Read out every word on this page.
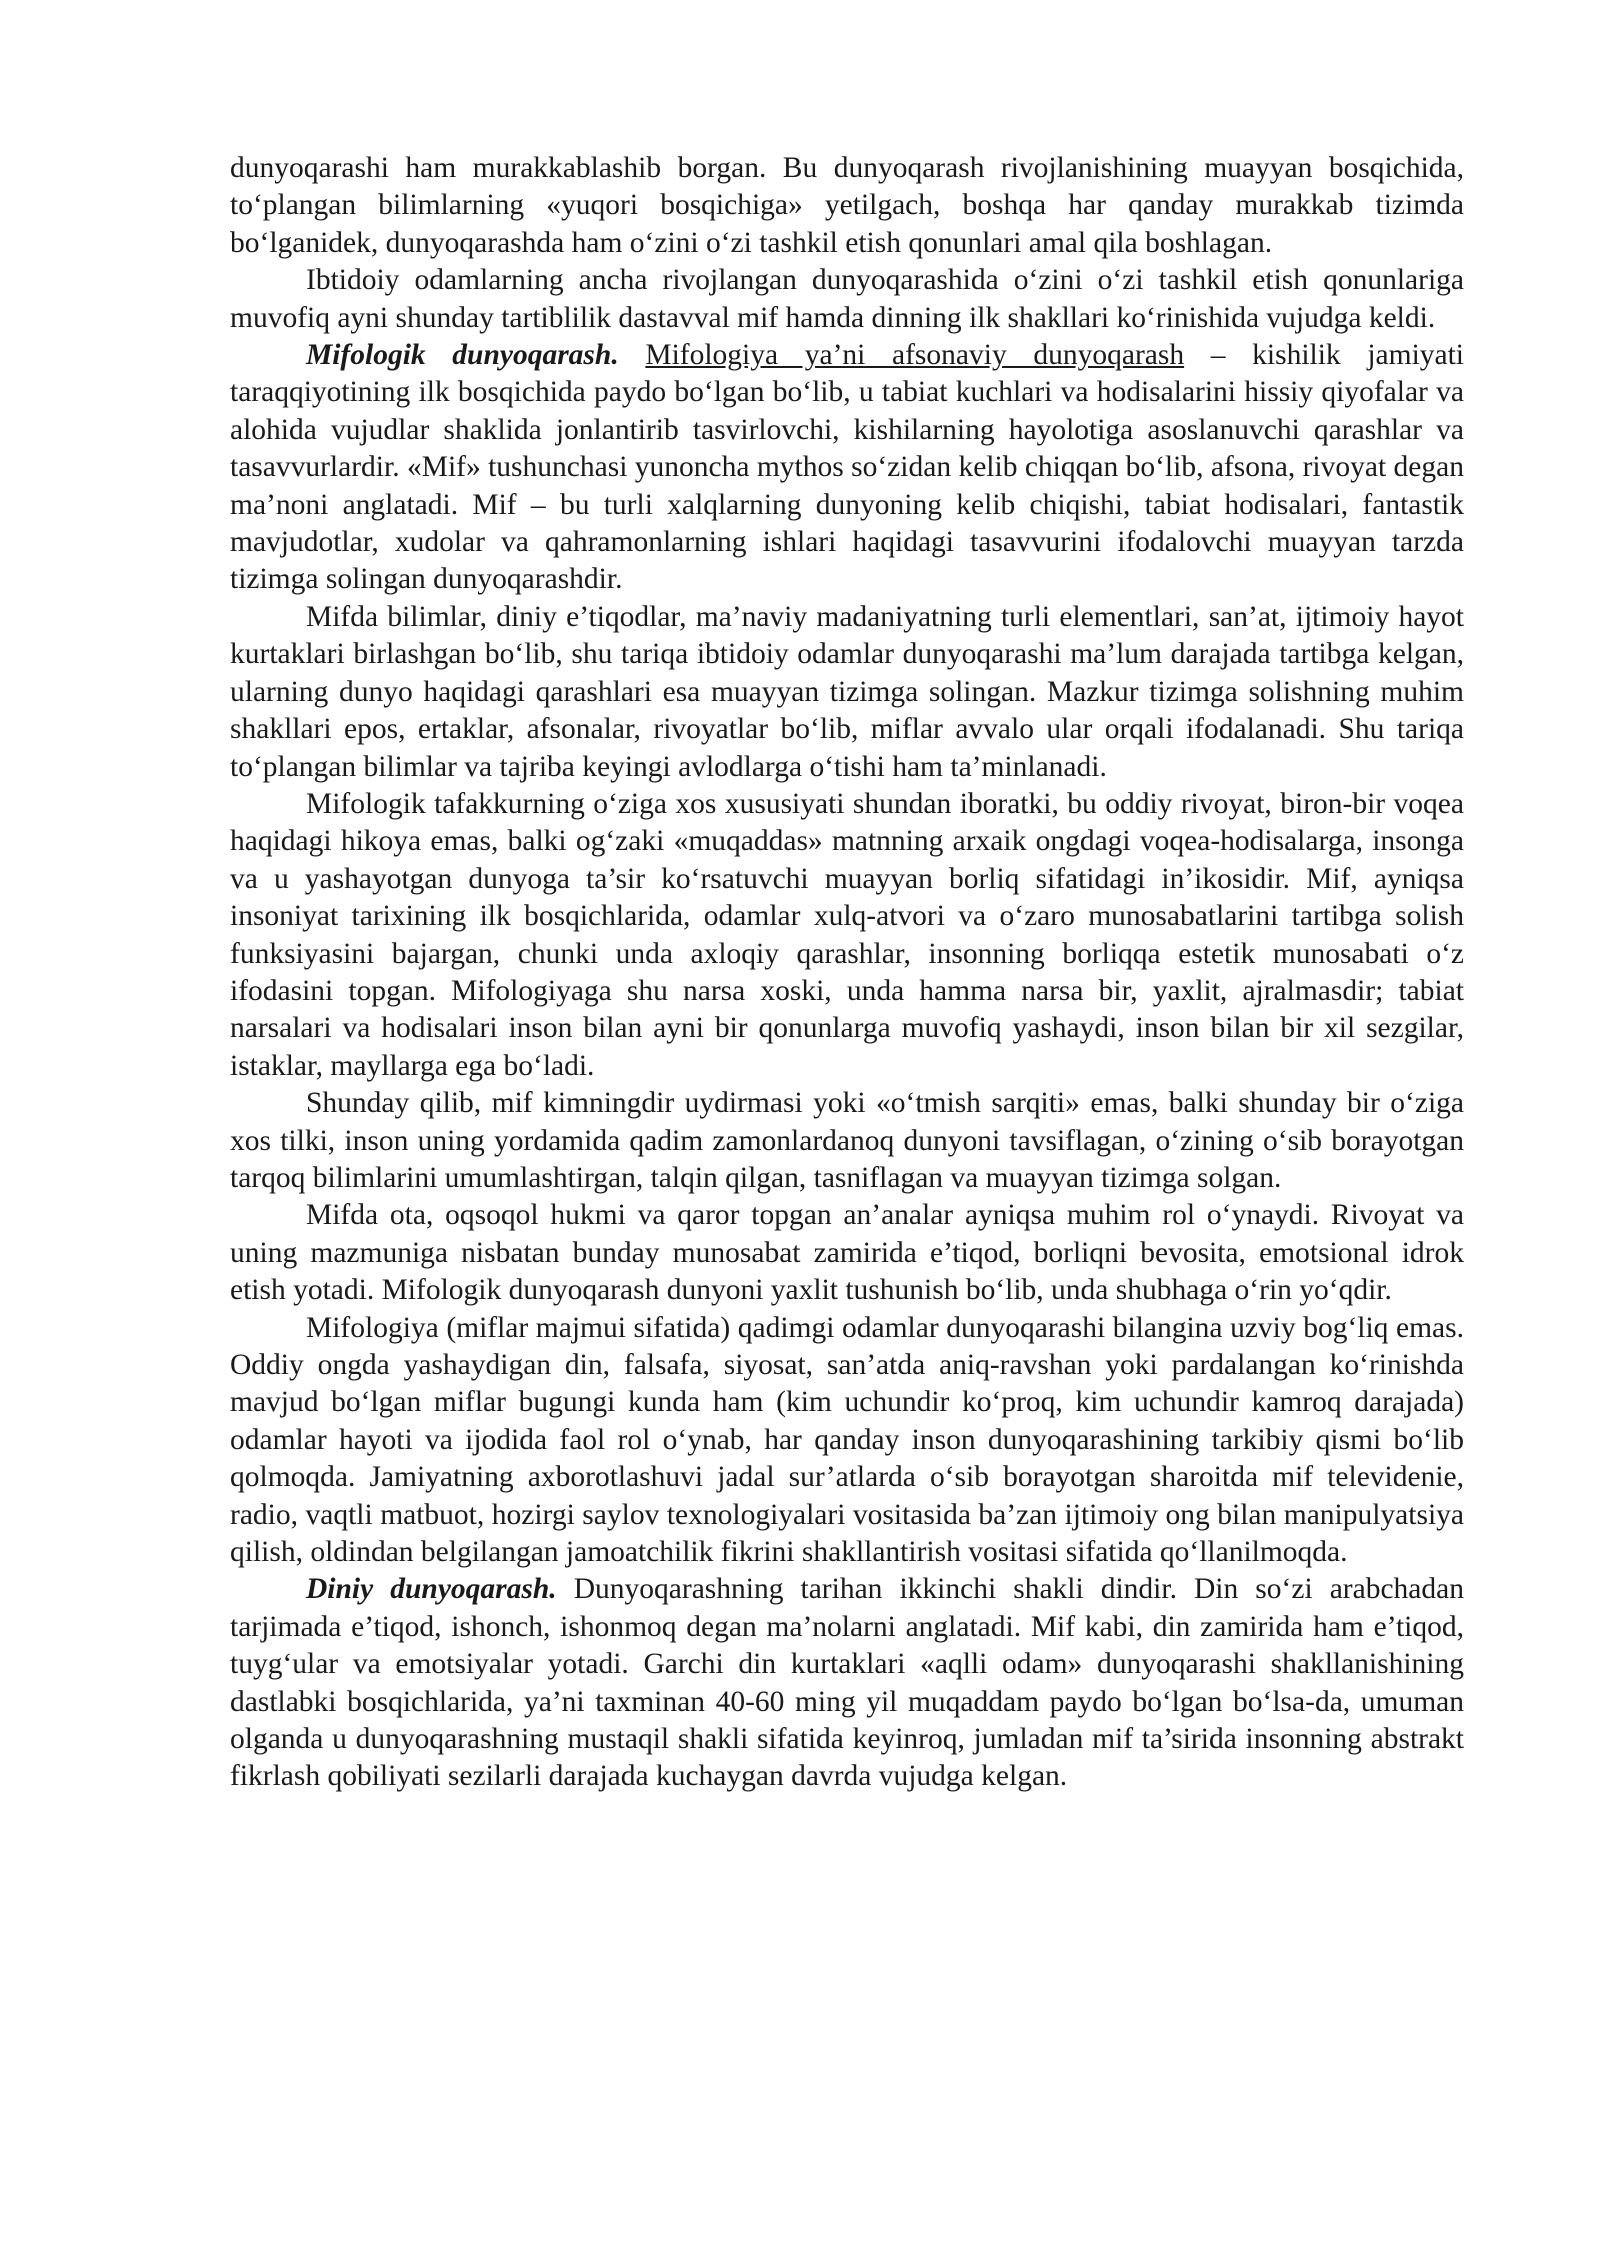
dunyoqarashi ham murakkablashib borgan. Bu dunyoqarash rivojlanishining muayyan bosqichida, to‘plangan bilimlarning «yuqori bosqichiga» yetilgach, boshqa har qanday murakkab tizimda bo‘lganidek, dunyoqarashda ham o‘zini o‘zi tashkil etish qonunlari amal qila boshlagan.

Ibtidoiy odamlarning ancha rivojlangan dunyoqarashida o‘zini o‘zi tashkil etish qonunlariga muvofiq ayni shunday tartiblilik dastavval mif hamda dinning ilk shakllari ko‘rinishida vujudga keldi.

Mifologik dunyoqarash. Mifologiya ya’ni afsonaviy dunyoqarash – kishilik jamiyati taraqqiyotining ilk bosqichida paydo bo‘lgan bo‘lib, u tabiat kuchlari va hodisalarini hissiy qiyofalar va alohida vujudlar shaklida jonlantirib tasvirlovchi, kishilarning hayolotiga asoslanuvchi qarashlar va tasavvurlardir. «Mif» tushunchasi yunoncha mythos so‘zidan kelib chiqqan bo‘lib, afsona, rivoyat degan ma’noni anglatadi. Mif – bu turli xalqlarning dunyoning kelib chiqishi, tabiat hodisalari, fantastik mavjudotlar, xudolar va qahramonlarning ishlari haqidagi tasavvurini ifodalovchi muayyan tarzda tizimga solingan dunyoqarashdir.

Mifda bilimlar, diniy e’tiqodlar, ma’naviy madaniyatning turli elementlari, san’at, ijtimoiy hayot kurtaklari birlashgan bo‘lib, shu tariqa ibtidoiy odamlar dunyoqarashi ma’lum darajada tartibga kelgan, ularning dunyo haqidagi qarashlari esa muayyan tizimga solingan. Mazkur tizimga solishning muhim shakllari epos, ertaklar, afsonalar, rivoyatlar bo‘lib, miflar avvalo ular orqali ifodalanadi. Shu tariqa to‘plangan bilimlar va tajriba keyingi avlodlarga o‘tishi ham ta’minlanadi.

Mifologik tafakkurning o‘ziga xos xususiyati shundan iboratki, bu oddiy rivoyat, biron-bir voqea haqidagi hikoya emas, balki og‘zaki «muqaddas» matnning arxaik ongdagi voqea-hodisalarga, insonga va u yashayotgan dunyoga ta’sir ko‘rsatuvchi muayyan borliq sifatidagi in’ikosidir. Mif, ayniqsa insoniyat tarixining ilk bosqichlarida, odamlar xulq-atvori va o‘zaro munosabatlarini tartibga solish funksiyasini bajargan, chunki unda axloqiy qarashlar, insonning borliqqa estetik munosabati o‘z ifodasini topgan. Mifologiyaga shu narsa xoski, unda hamma narsa bir, yaxlit, ajralmasdir; tabiat narsalari va hodisalari inson bilan ayni bir qonunlarga muvofiq yashaydi, inson bilan bir xil sezgilar, istaklar, mayllarga ega bo‘ladi.

Shunday qilib, mif kimningdir uydirmasi yoki «o‘tmish sarqiti» emas, balki shunday bir o‘ziga xos tilki, inson uning yordamida qadim zamonlardanoq dunyoni tavsiflagan, o‘zining o‘sib borayotgan tarqoq bilimlarini umumlashtirgan, talqin qilgan, tasniflagan va muayyan tizimga solgan.

Mifda ota, oqsoqol hukmi va qaror topgan an’analar ayniqsa muhim rol o‘ynaydi. Rivoyat va uning mazmuniga nisbatan bunday munosabat zamirida e’tiqod, borliqni bevosita, emotsional idrok etish yotadi. Mifologik dunyoqarash dunyoni yaxlit tushunish bo‘lib, unda shubhaga o‘rin yo‘qdir.

Mifologiya (miflar majmui sifatida) qadimgi odamlar dunyoqarashi bilangina uzviy bog‘liq emas. Oddiy ongda yashaydigan din, falsafa, siyosat, san’atda aniq-ravshan yoki pardalangan ko‘rinishda mavjud bo‘lgan miflar bugungi kunda ham (kim uchundir ko‘proq, kim uchundir kamroq darajada) odamlar hayoti va ijodida faol rol o‘ynab, har qanday inson dunyoqarashining tarkibiy qismi bo‘lib qolmoqda. Jamiyatning axborotlashuvi jadal sur’atlarda o‘sib borayotgan sharoitda mif televidenie, radio, vaqtli matbuot, hozirgi saylov texnologiyalari vositasida ba’zan ijtimoiy ong bilan manipulyatsiya qilish, oldindan belgilangan jamoatchilik fikrini shakllantirish vositasi sifatida qo‘llanilmoqda.

Diniy dunyoqarash. Dunyoqarashning tarihan ikkinchi shakli dindir. Din so‘zi arabchadan tarjimada e’tiqod, ishonch, ishonmoq degan ma’nolarni anglatadi. Mif kabi, din zamirida ham e’tiqod, tuyg‘ular va emotsiyalar yotadi. Garchi din kurtaklari «aqlli odam» dunyoqarashi shakllanishining dastlabki bosqichlarida, ya’ni taxminan 40-60 ming yil muqaddam paydo bo‘lgan bo‘lsa-da, umuman olganda u dunyoqarashning mustaqil shakli sifatida keyinroq, jumladan mif ta’sirida insonning abstrakt fikrlash qobiliyati sezilarli darajada kuchaygan davrda vujudga kelgan.
